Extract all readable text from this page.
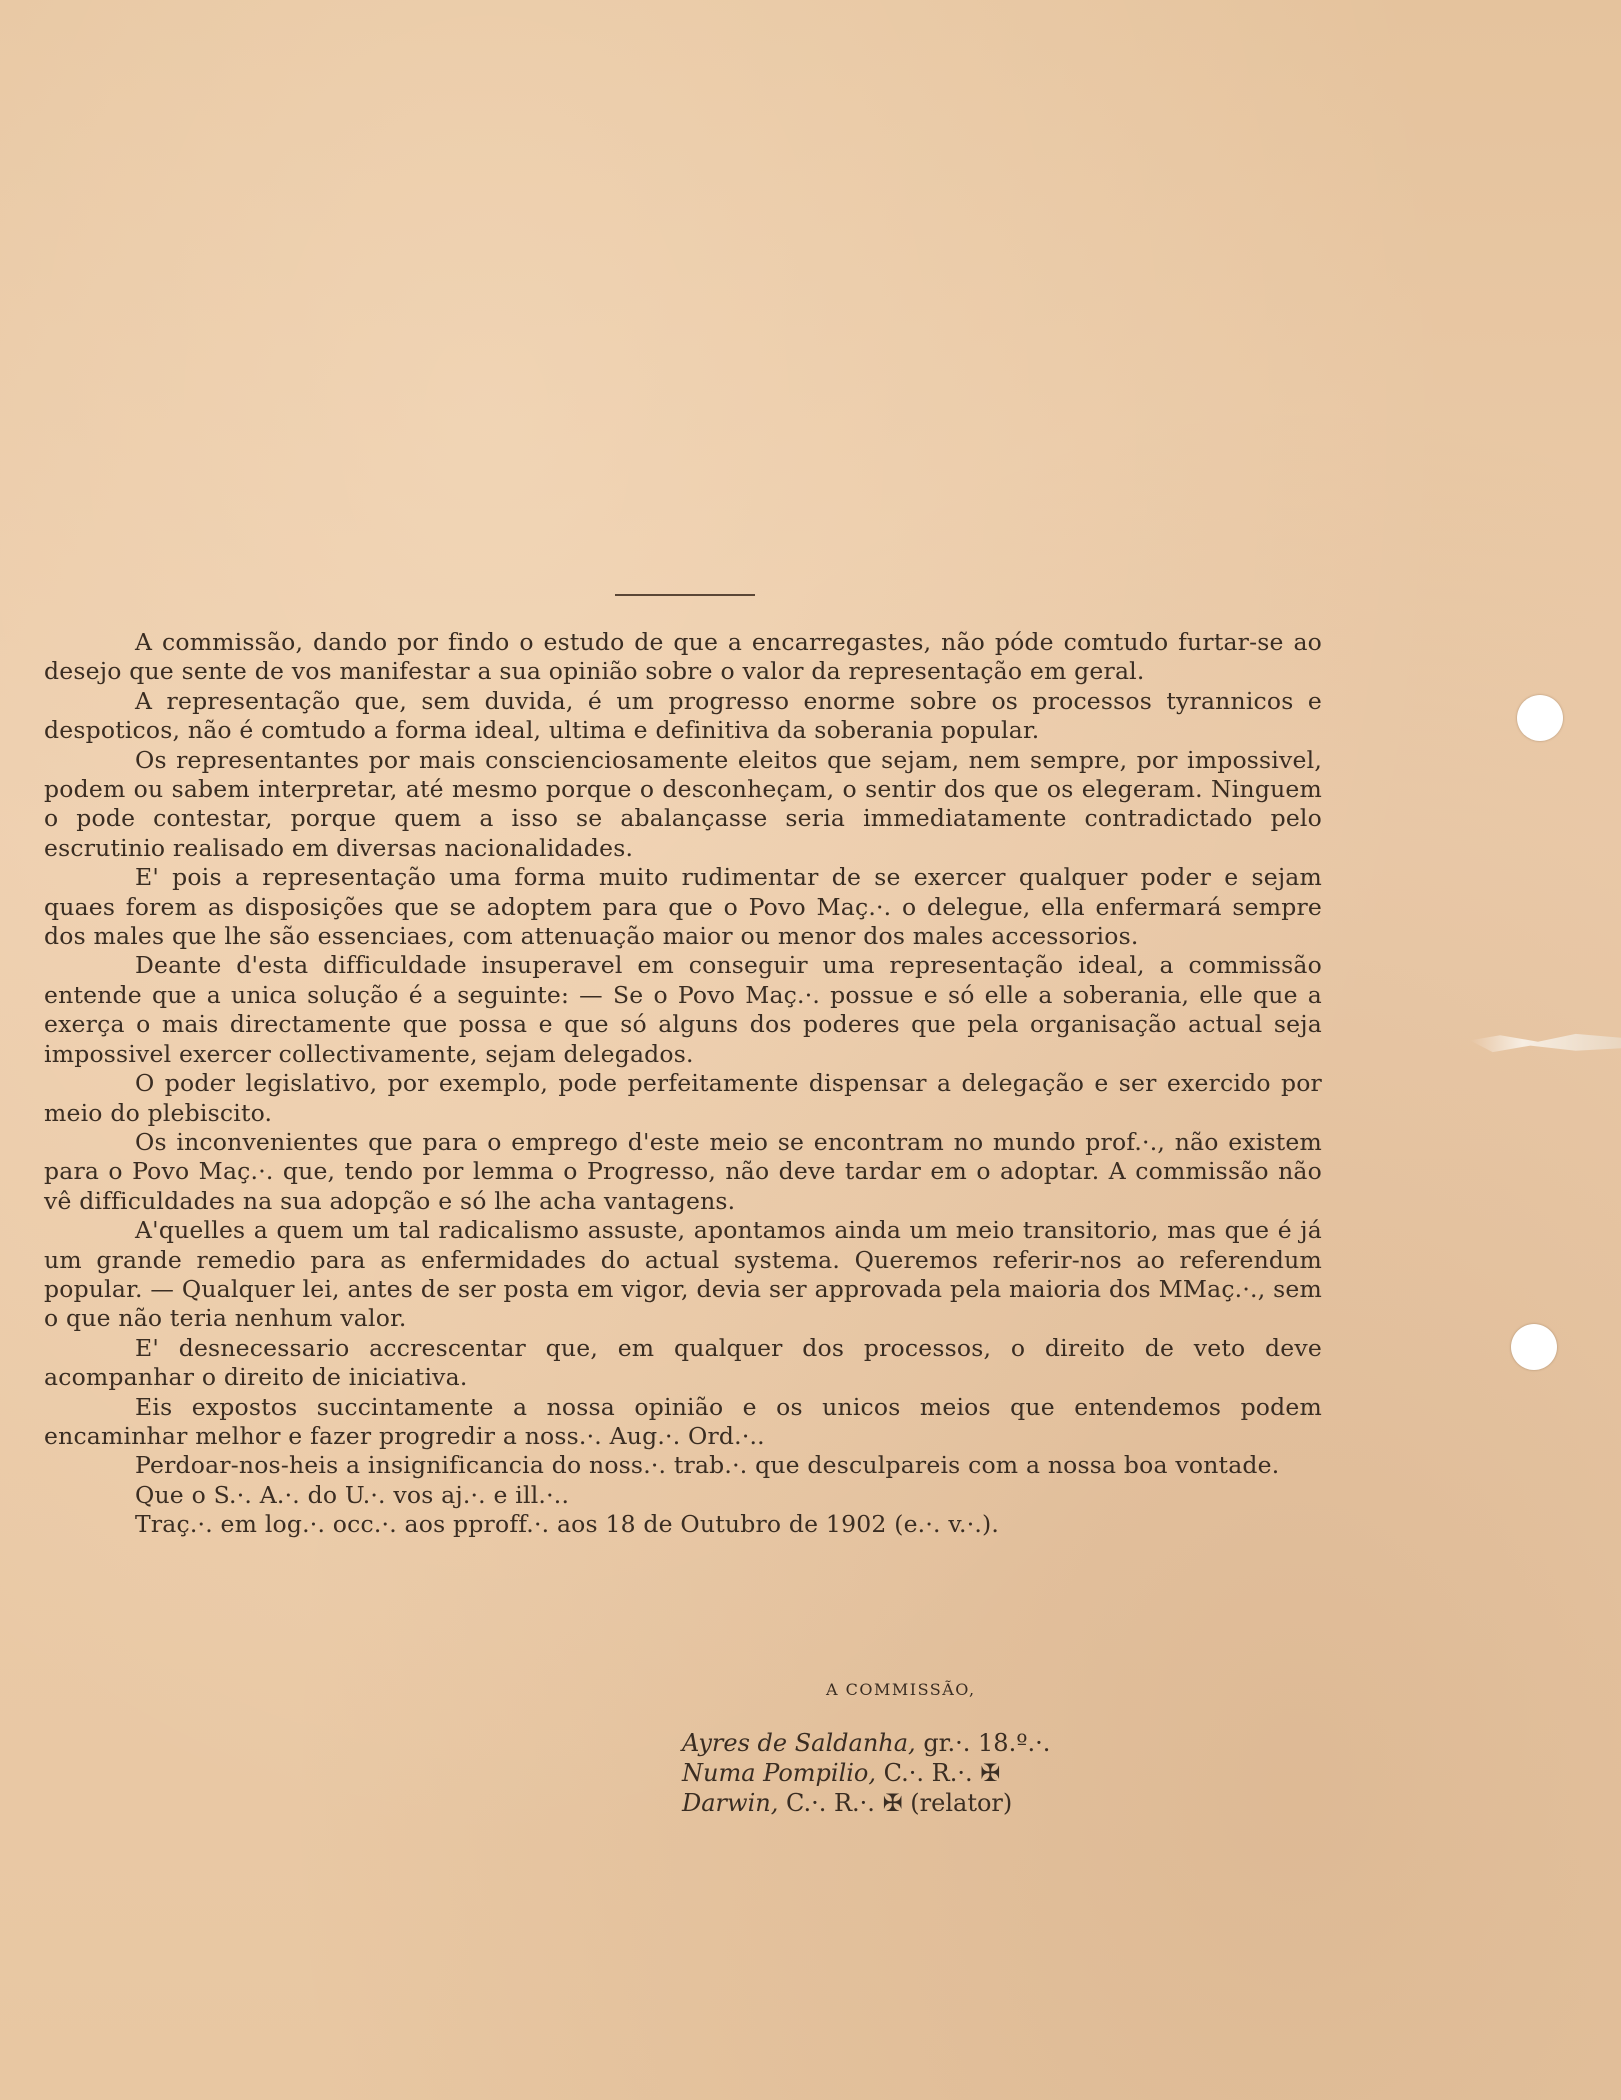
A commissão, dando por findo o estudo de que a encarregastes, não póde comtudo furtar-se ao desejo que sente de vos manifestar a sua opinião sobre o valor da representação em geral.

A representação que, sem duvida, é um progresso enorme sobre os processos tyrannicos e despoticos, não é comtudo a forma ideal, ultima e definitiva da soberania popular.

Os representantes por mais conscienciosamente eleitos que sejam, nem sempre, por impossivel, podem ou sabem interpretar, até mesmo porque o desconheçam, o sentir dos que os elegeram. Ninguem o pode contestar, porque quem a isso se abalançasse seria immediatamente contradictado pelo escrutinio realisado em diversas nacionalidades.

E' pois a representação uma forma muito rudimentar de se exercer qualquer poder e sejam quaes forem as disposições que se adoptem para que o Povo Maç.·. o delegue, ella enfermará sempre dos males que lhe são essenciaes, com attenuação maior ou menor dos males accessorios.

Deante d'esta difficuldade insuperavel em conseguir uma representação ideal, a commissão entende que a unica solução é a seguinte: — Se o Povo Maç.·. possue e só elle a soberania, elle que a exerça o mais directamente que possa e que só alguns dos poderes que pela organisação actual seja impossivel exercer collectivamente, sejam delegados.

O poder legislativo, por exemplo, pode perfeitamente dispensar a delegação e ser exercido por meio do plebiscito.

Os inconvenientes que para o emprego d'este meio se encontram no mundo prof.·., não existem para o Povo Maç.·. que, tendo por lemma o Progresso, não deve tardar em o adoptar. A commissão não vê difficuldades na sua adopção e só lhe acha vantagens.

A'quelles a quem um tal radicalismo assuste, apontamos ainda um meio transitorio, mas que é já um grande remedio para as enfermidades do actual systema. Queremos referir-nos ao referendum popular. — Qualquer lei, antes de ser posta em vigor, devia ser approvada pela maioria dos MMaç.·., sem o que não teria nenhum valor.

E' desnecessario accrescentar que, em qualquer dos processos, o direito de veto deve acompanhar o direito de iniciativa.

Eis expostos succintamente a nossa opinião e os unicos meios que entendemos podem encaminhar melhor e fazer progredir a noss.·. Aug.·. Ord.·..

Perdoar-nos-heis a insignificancia do noss.·. trab.·. que desculpareis com a nossa boa vontade.

Que o S.·. A.·. do U.·. vos aj.·. e ill.·..

Traç.·. em log.·. occ.·. aos pproff.·. aos 18 de Outubro de 1902 (e.·. v.·.).

A COMMISSÃO,
Ayres de Saldanha, gr.·. 18.º.·.
Numa Pompilio, C.·. R.·. ✠
Darwin, C.·. R.·. ✠ (relator)
